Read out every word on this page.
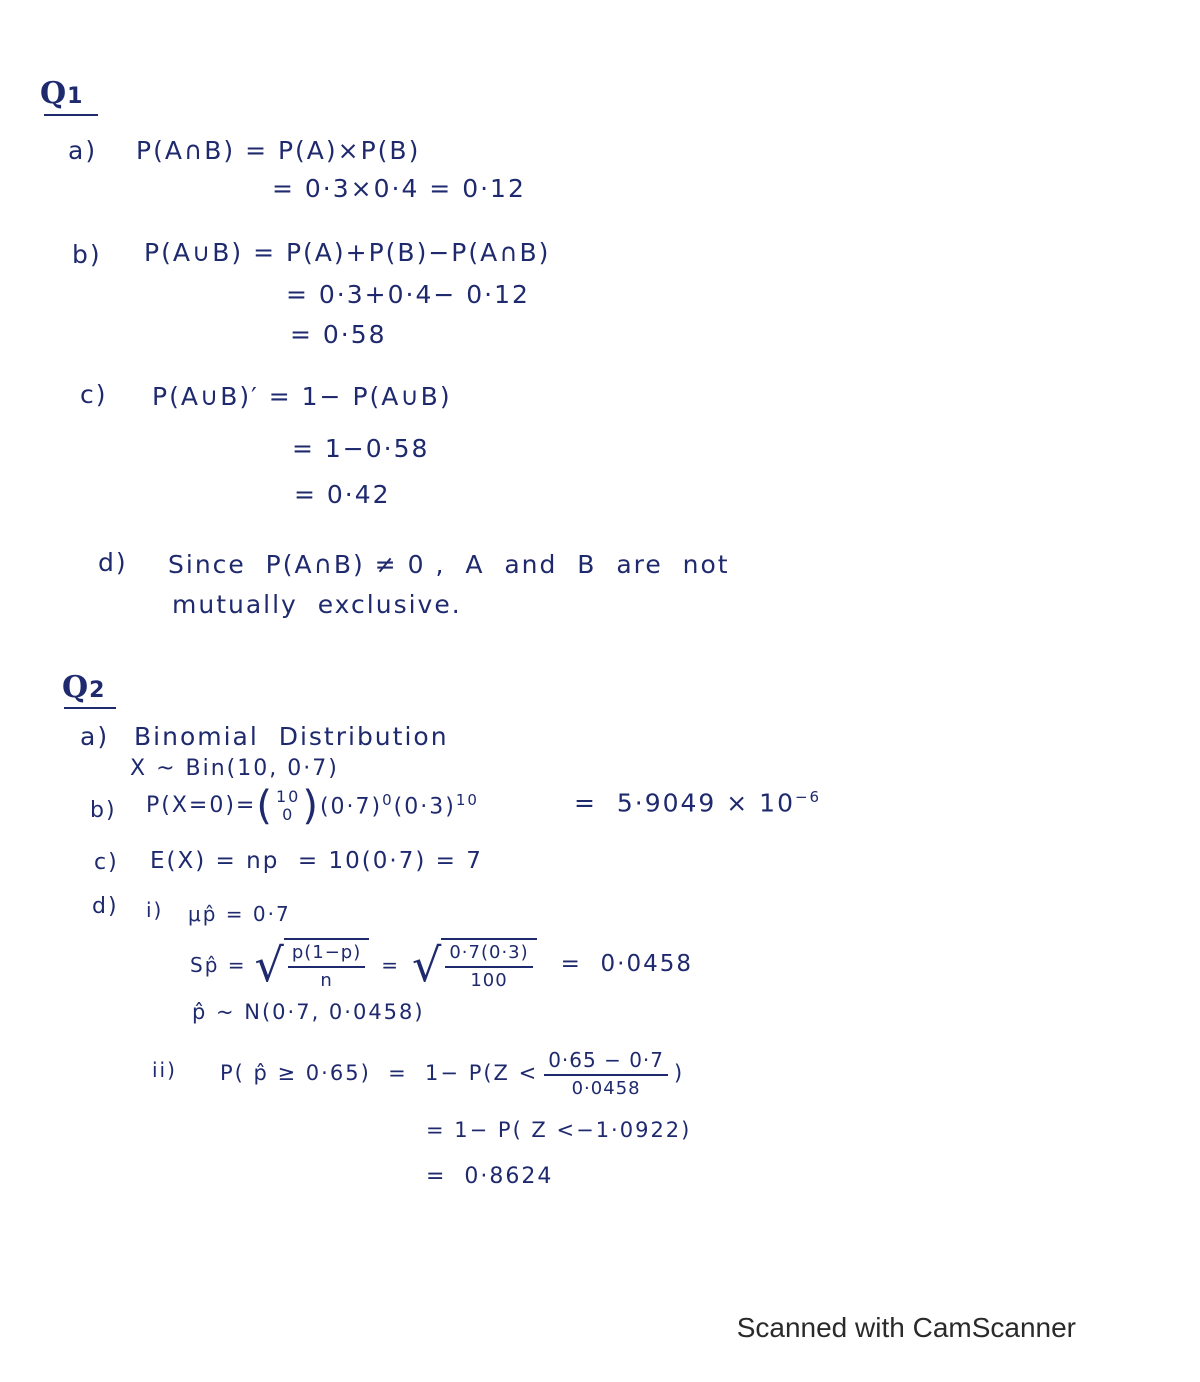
Q1
a) P(A∩B) = P(A)×P(B)
= 0·3×0·4 = 0·12
b) P(A∪B) = P(A)+P(B)−P(A∩B)
= 0·3+0·4− 0·12
= 0·58
c) P(A∪B)′ = 1− P(A∪B)
= 1−0·58
= 0·42
d) Since  P(A∩B) ≠ 0 ,  A  and  B  are  not
mutually  exclusive.
Q2
a) Binomial  Distribution
X ~ Bin(10, 0·7)
b) P(X=0)= ( 10
0 ) $(0\cdot 7)^0$ $(0\cdot 3)^{10}$	=  $5\cdot 9049 \times 10^{-6}$
c) E(X) = np  = 10(0·7) = 7
d) i) μp̂ = 0·7
Sp̂ = √ $\frac{p(1-p)}{n}$ = √ $\frac{0\cdot 7(0\cdot 3)}{100} = 0\cdot 0458$
p̂ ~ N(0·7, 0·0458)
ii) P( p̂ ≥ $0\cdot 65) = 1- P(Z < \frac{0\cdot 65 - 0\cdot 7}{0\cdot 0458}$ )
= 1− P( Z <−1·0922)
=  0·8624
Scanned with CamScanner
